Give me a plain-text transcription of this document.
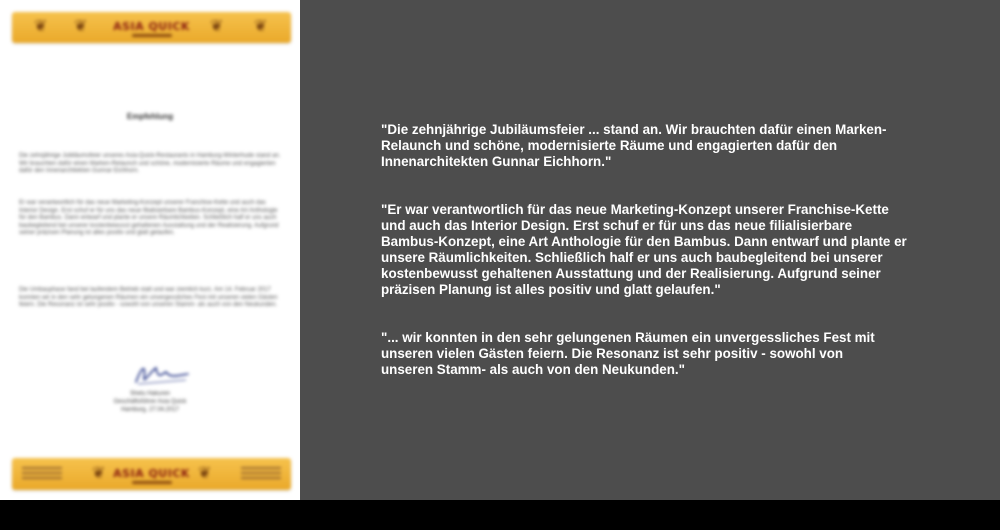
❦ ❦ ASIA QUICK ❦ ❦
Empfehlung
Die zehnjährige Jubiläumsfeier unseres Asia-Quick-Restaurants in Hamburg-Winterhude stand an. Wir brauchten dafür einen Marken-Relaunch und schöne, modernisierte Räume und engagierten dafür den Innenarchitekten Gunnar Eichhorn.
Er war verantwortlich für das neue Marketing-Konzept unserer Franchise-Kette und auch das Interior Design. Erst schuf er für uns das neue filialisierbare Bambus-Konzept, eine Art Anthologie für den Bambus. Dann entwarf und plante er unsere Räumlichkeiten. Schließlich half er uns auch baubegleitend bei unserer kostenbewusst gehaltenen Ausstattung und der Realisierung. Aufgrund seiner präzisen Planung ist alles positiv und glatt gelaufen.
Die Umbauphase fand bei laufendem Betrieb statt und war ziemlich kurz. Am 14. Februar 2017 konnten wir in den sehr gelungenen Räumen ein unvergessliches Fest mit unseren vielen Gästen feiern. Die Resonanz ist sehr positiv - sowohl von unseren Stamm- als auch von den Neukunden.
Shetu Hakuren
Geschäftsführer Asia Quick
Hamburg, 27.04.2017
❦ ASIA QUICK ❦

"Die zehnjährige Jubiläumsfeier ... stand an. Wir brauchten dafür einen Marken-
Relaunch und schöne, modernisierte Räume und engagierten dafür den
Innenarchitekten Gunnar Eichhorn."

"Er war verantwortlich für das neue Marketing-Konzept unserer Franchise-Kette
und auch das Interior Design. Erst schuf er für uns das neue filialisierbare
Bambus-Konzept, eine Art Anthologie für den Bambus. Dann entwarf und plante er
unsere Räumlichkeiten. Schließlich half er uns auch baubegleitend bei unserer
kostenbewusst gehaltenen Ausstattung und der Realisierung. Aufgrund seiner
präzisen Planung ist alles positiv und glatt gelaufen."

"... wir konnten in den sehr gelungenen Räumen ein unvergessliches Fest mit
unseren vielen Gästen feiern. Die Resonanz ist sehr positiv - sowohl von
unseren Stamm- als auch von den Neukunden."
